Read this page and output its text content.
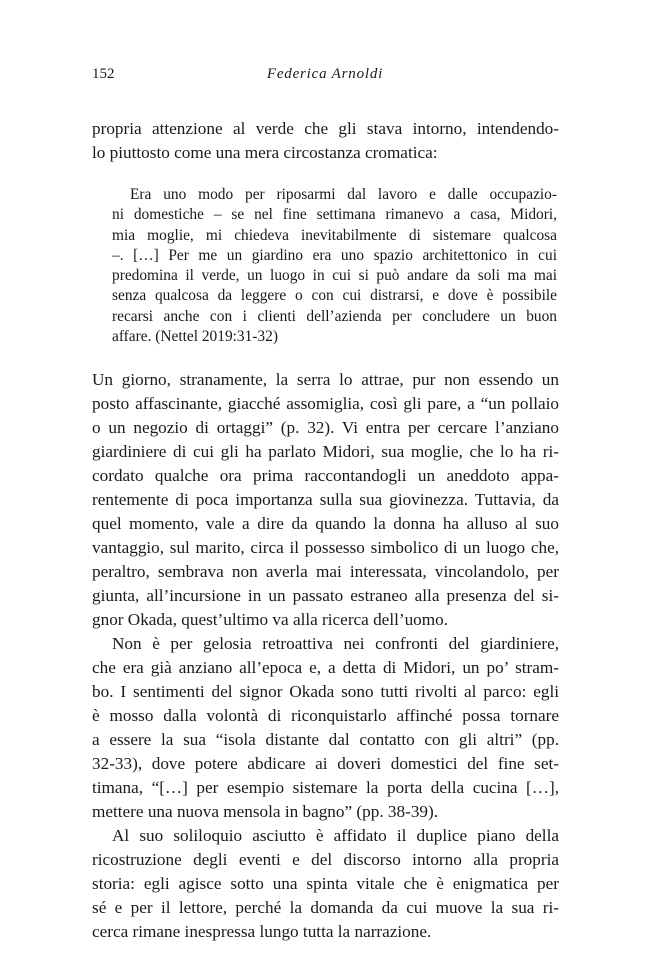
152	Federica Arnoldi
propria attenzione al verde che gli stava intorno, intendendo-
lo piuttosto come una mera circostanza cromatica:
Era uno modo per riposarmi dal lavoro e dalle occupazio-
ni domestiche – se nel fine settimana rimanevo a casa, Midori,
mia moglie, mi chiedeva inevitabilmente di sistemare qualcosa
–. […] Per me un giardino era uno spazio architettonico in cui
predomina il verde, un luogo in cui si può andare da soli ma mai
senza qualcosa da leggere o con cui distrarsi, e dove è possibile
recarsi anche con i clienti dell’azienda per concludere un buon
affare. (Nettel 2019:31-32)
Un giorno, stranamente, la serra lo attrae, pur non essendo un
posto affascinante, giacché assomiglia, così gli pare, a “un pollaio
o un negozio di ortaggi” (p. 32). Vi entra per cercare l’anziano
giardiniere di cui gli ha parlato Midori, sua moglie, che lo ha ri-
cordato qualche ora prima raccontandogli un aneddoto appa-
rentemente di poca importanza sulla sua giovinezza. Tuttavia, da
quel momento, vale a dire da quando la donna ha alluso al suo
vantaggio, sul marito, circa il possesso simbolico di un luogo che,
peraltro, sembrava non averla mai interessata, vincolandolo, per
giunta, all’incursione in un passato estraneo alla presenza del si-
gnor Okada, quest’ultimo va alla ricerca dell’uomo.
Non è per gelosia retroattiva nei confronti del giardiniere,
che era già anziano all’epoca e, a detta di Midori, un po’ stram-
bo. I sentimenti del signor Okada sono tutti rivolti al parco: egli
è mosso dalla volontà di riconquistarlo affinché possa tornare
a essere la sua “isola distante dal contatto con gli altri” (pp.
32-33), dove potere abdicare ai doveri domestici del fine set-
timana, “[…] per esempio sistemare la porta della cucina […],
mettere una nuova mensola in bagno” (pp. 38-39).
Al suo soliloquio asciutto è affidato il duplice piano della
ricostruzione degli eventi e del discorso intorno alla propria
storia: egli agisce sotto una spinta vitale che è enigmatica per
sé e per il lettore, perché la domanda da cui muove la sua ri-
cerca rimane inespressa lungo tutta la narrazione.
